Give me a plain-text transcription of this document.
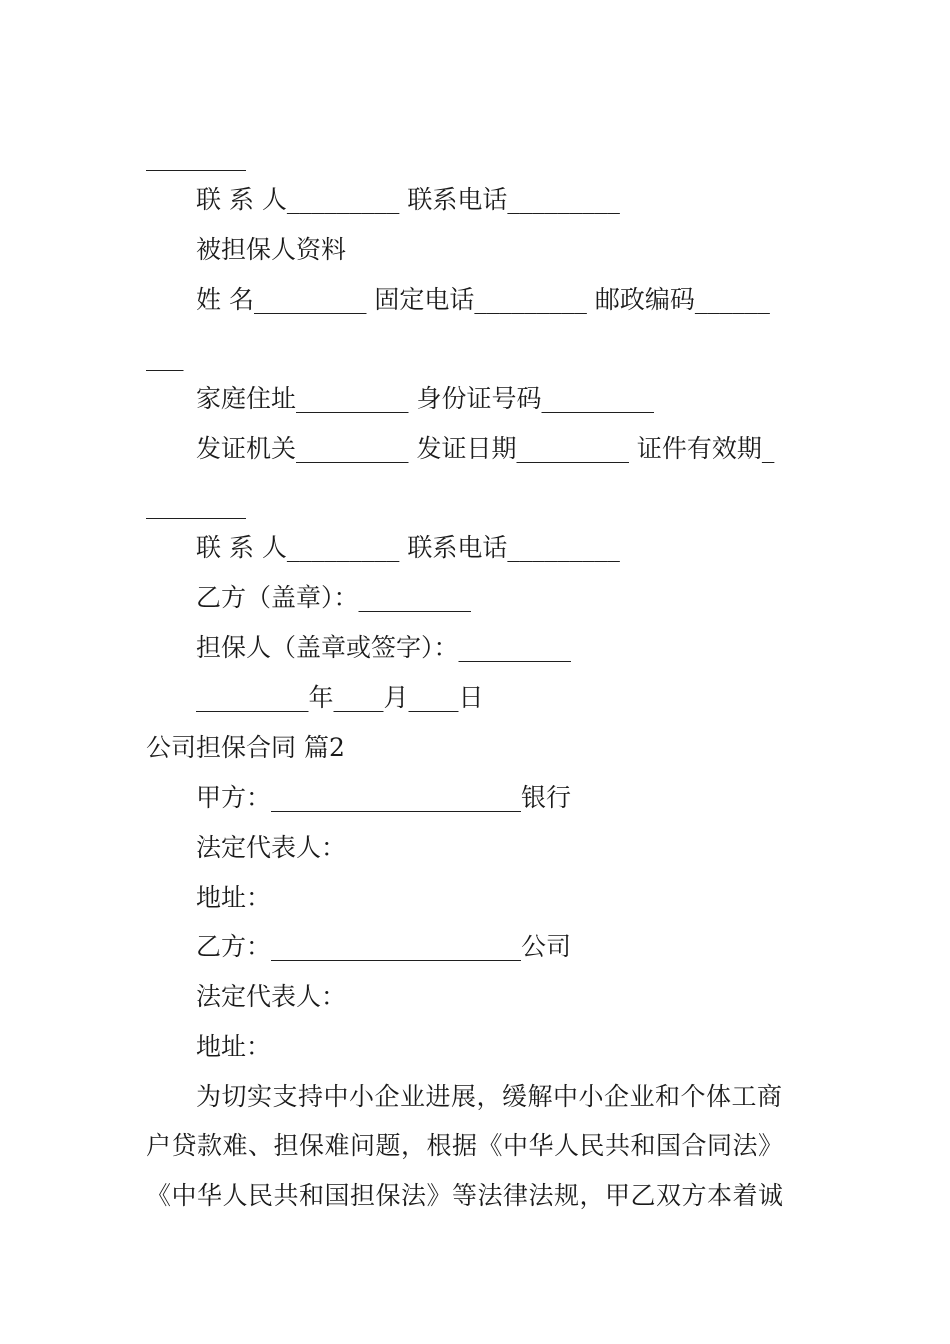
________
联 系 人_________ 联系电话_________
被担保人资料
姓 名_________ 固定电话_________ 邮政编码______
___
家庭住址_________ 身份证号码_________
发证机关_________ 发证日期_________ 证件有效期_
________
联 系 人_________ 联系电话_________
乙方（盖章）：_________
担保人（盖章或签字）：_________
_________年____月____日
公司担保合同 篇2
甲方：____________________银行
法定代表人：
地址：
乙方：____________________公司
法定代表人：
地址：
为切实支持中小企业进展，缓解中小企业和个体工商
户贷款难、担保难问题，根据《中华人民共和国合同法》
《中华人民共和国担保法》等法律法规，甲乙双方本着诚
